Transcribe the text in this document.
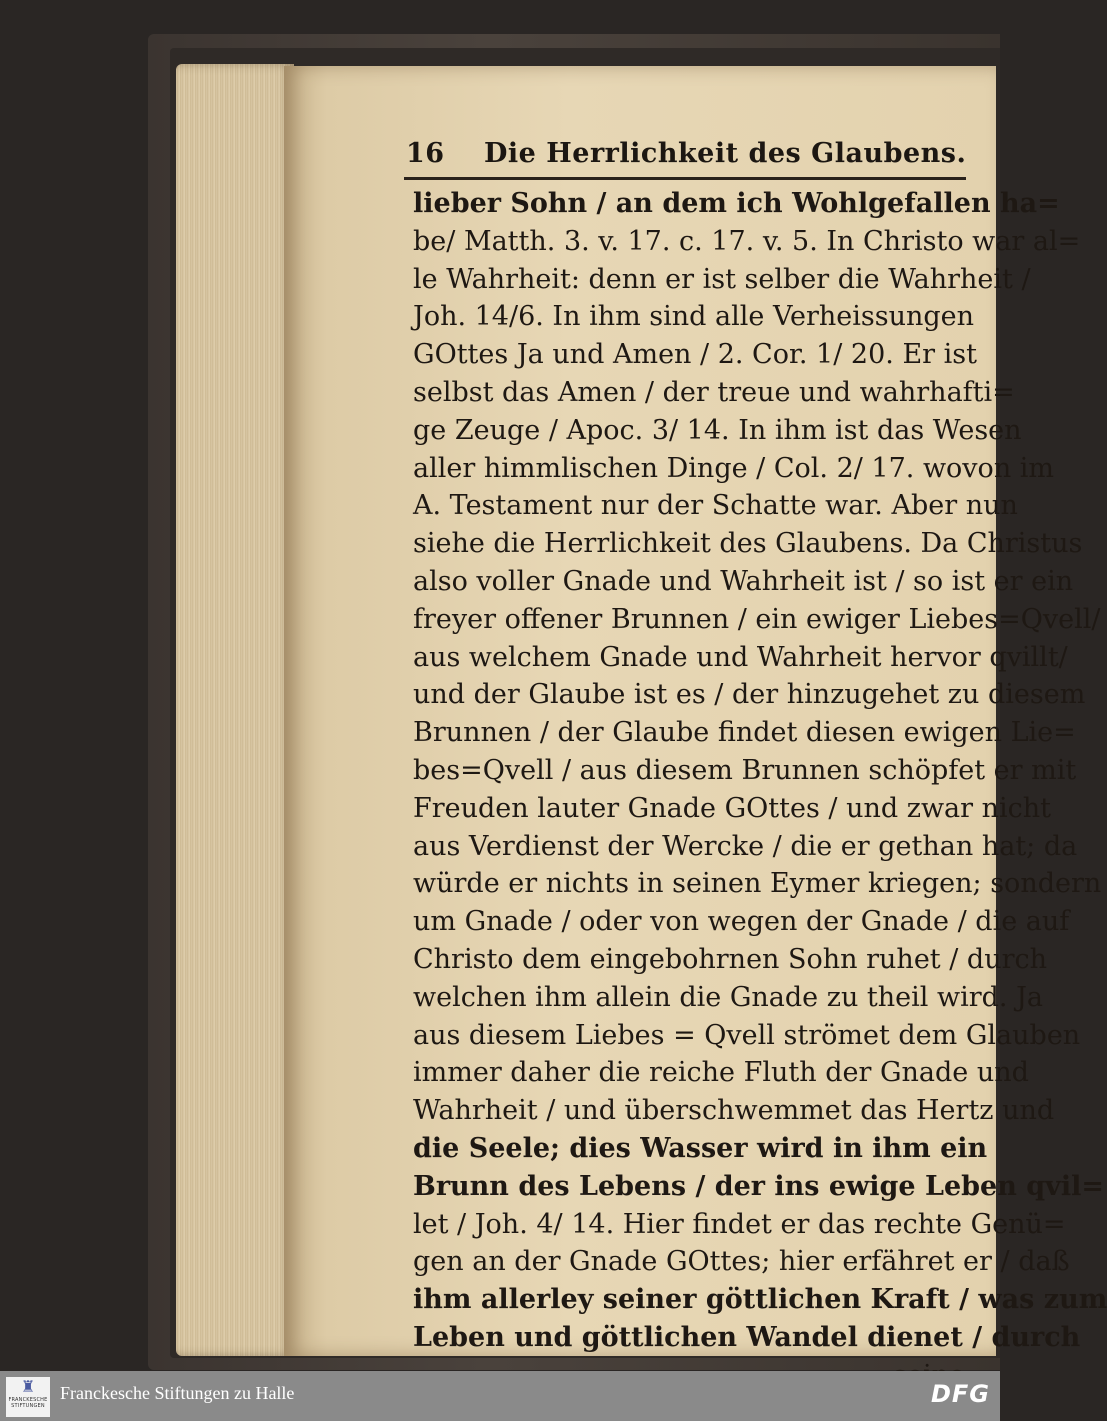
16 Die Herrlichkeit des Glaubens.
lieber Sohn / an dem ich Wohlgefallen ha=
be/ Matth. 3. v. 17. c. 17. v. 5. In Christo war al=
le Wahrheit: denn er ist selber die Wahrheit /
Joh. 14/6. In ihm sind alle Verheissungen
GOttes Ja und Amen / 2. Cor. 1/ 20. Er ist
selbst das Amen / der treue und wahrhafti=
ge Zeuge / Apoc. 3/ 14. In ihm ist das Wesen
aller himmlischen Dinge / Col. 2/ 17. wovon im
A. Testament nur der Schatte war. Aber nun
siehe die Herrlichkeit des Glaubens. Da Christus
also voller Gnade und Wahrheit ist / so ist er ein
freyer offener Brunnen / ein ewiger Liebes=Qvell/
aus welchem Gnade und Wahrheit hervor qvillt/
und der Glaube ist es / der hinzugehet zu diesem
Brunnen / der Glaube findet diesen ewigen Lie=
bes=Qvell / aus diesem Brunnen schöpfet er mit
Freuden lauter Gnade GOttes / und zwar nicht
aus Verdienst der Wercke / die er gethan hat; da
würde er nichts in seinen Eymer kriegen; sondern
um Gnade / oder von wegen der Gnade / die auf
Christo dem eingebohrnen Sohn ruhet / durch
welchen ihm allein die Gnade zu theil wird. Ja
aus diesem Liebes = Qvell strömet dem Glauben
immer daher die reiche Fluth der Gnade und
Wahrheit / und überschwemmet das Hertz und
die Seele; dies Wasser wird in ihm ein
Brunn des Lebens / der ins ewige Leben qvil=
let / Joh. 4/ 14. Hier findet er das rechte Genü=
gen an der Gnade GOttes; hier erfähret er / daß
ihm allerley seiner göttlichen Kraft / was zum
Leben und göttlichen Wandel dienet / durch
♜
FRANCKESCHE STIFTUNGEN
Franckesche Stiftungen zu Halle	DFG
